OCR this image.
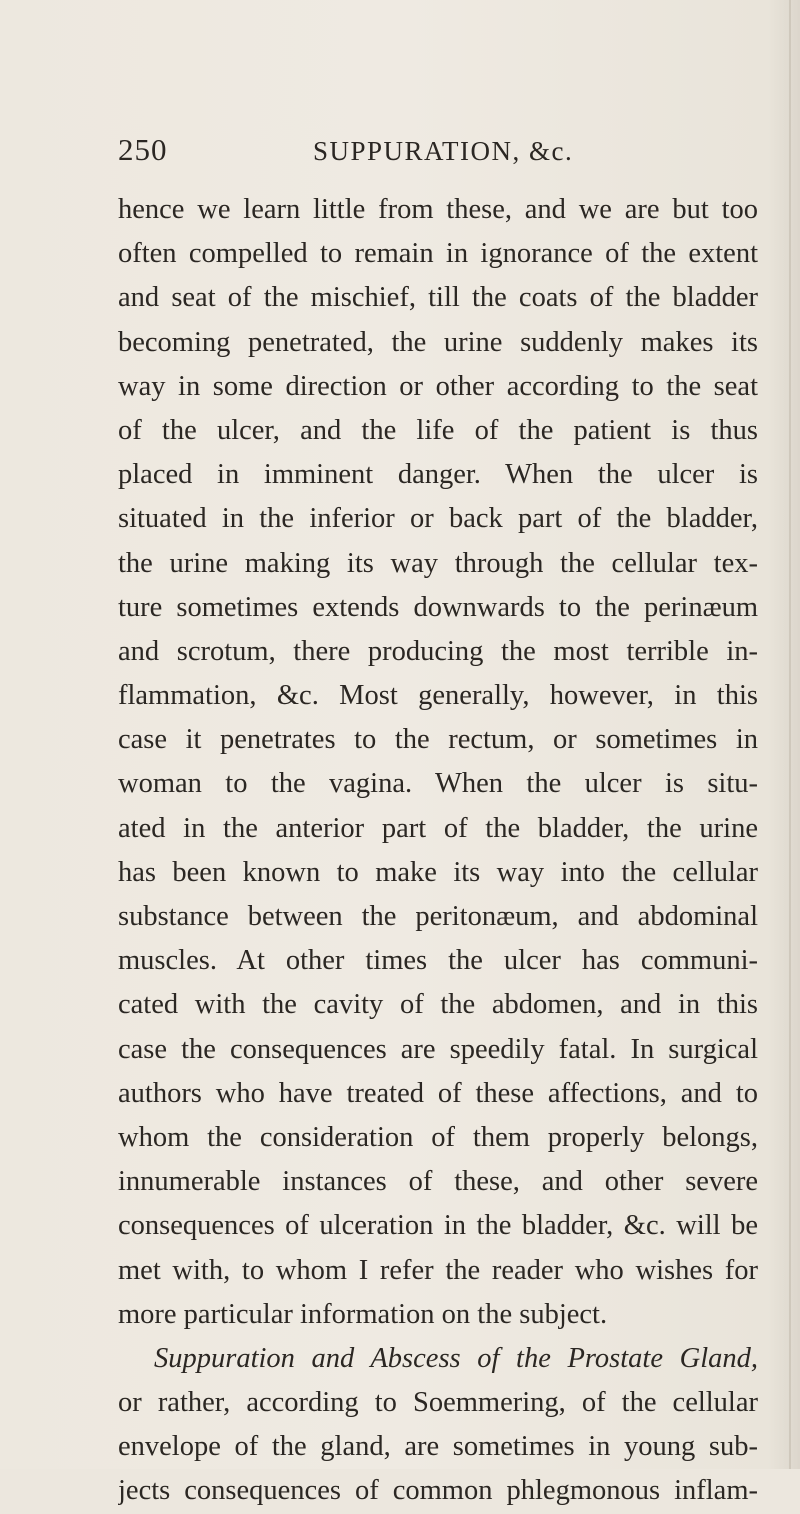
250	SUPPURATION, &c.
hence we learn little from these, and we are but too
often compelled to remain in ignorance of the extent
and seat of the mischief, till the coats of the bladder
becoming penetrated, the urine suddenly makes its
way in some direction or other according to the seat
of the ulcer, and the life of the patient is thus
placed in imminent danger. When the ulcer is
situated in the inferior or back part of the bladder,
the urine making its way through the cellular tex-
ture sometimes extends downwards to the perinæum
and scrotum, there producing the most terrible in-
flammation, &c. Most generally, however, in this
case it penetrates to the rectum, or sometimes in
woman to the vagina. When the ulcer is situ-
ated in the anterior part of the bladder, the urine
has been known to make its way into the cellular
substance between the peritonæum, and abdominal
muscles. At other times the ulcer has communi-
cated with the cavity of the abdomen, and in this
case the consequences are speedily fatal. In surgical
authors who have treated of these affections, and to
whom the consideration of them properly belongs,
innumerable instances of these, and other severe
consequences of ulceration in the bladder, &c. will be
met with, to whom I refer the reader who wishes for
more particular information on the subject.
Suppuration and Abscess of the Prostate Gland,
or rather, according to Soemmering, of the cellular
envelope of the gland, are sometimes in young sub-
jects consequences of common phlegmonous inflam-
